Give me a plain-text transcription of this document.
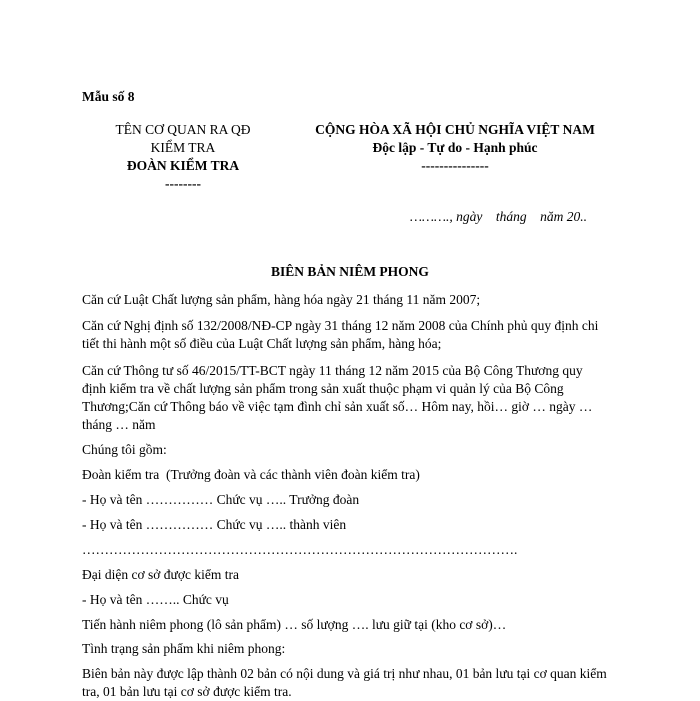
Mẫu số 8
TÊN CƠ QUAN RA QĐ
KIỂM TRA
ĐOÀN KIỂM TRA
--------
CỘNG HÒA XÃ HỘI CHỦ NGHĨA VIỆT NAM
Độc lập - Tự do - Hạnh phúc
---------------
………., ngày    tháng    năm 20..
BIÊN BẢN NIÊM PHONG
Căn cứ Luật Chất lượng sản phẩm, hàng hóa ngày 21 tháng 11 năm 2007;
Căn cứ Nghị định số 132/2008/NĐ-CP ngày 31 tháng 12 năm 2008 của Chính phủ quy định chi
tiết thi hành một số điều của Luật Chất lượng sản phẩm, hàng hóa;
Căn cứ Thông tư số 46/2015/TT-BCT ngày 11 tháng 12 năm 2015 của Bộ Công Thương quy
định kiểm tra về chất lượng sản phẩm trong sản xuất thuộc phạm vi quản lý của Bộ Công
Thương;Căn cứ Thông báo về việc tạm đình chỉ sản xuất số… Hôm nay, hồi… giờ … ngày …
tháng … năm
Chúng tôi gồm:
Đoàn kiểm tra  (Trưởng đoàn và các thành viên đoàn kiểm tra)
- Họ và tên …………… Chức vụ ….. Trưởng đoàn
- Họ và tên …………… Chức vụ ….. thành viên
…………………………………………………………………………………….
Đại diện cơ sở được kiểm tra
- Họ và tên …….. Chức vụ
Tiến hành niêm phong (lô sản phẩm) … số lượng …. lưu giữ tại (kho cơ sở)…
Tình trạng sản phẩm khi niêm phong:
Biên bản này được lập thành 02 bản có nội dung và giá trị như nhau, 01 bản lưu tại cơ quan kiểm
tra, 01 bản lưu tại cơ sở được kiểm tra.
